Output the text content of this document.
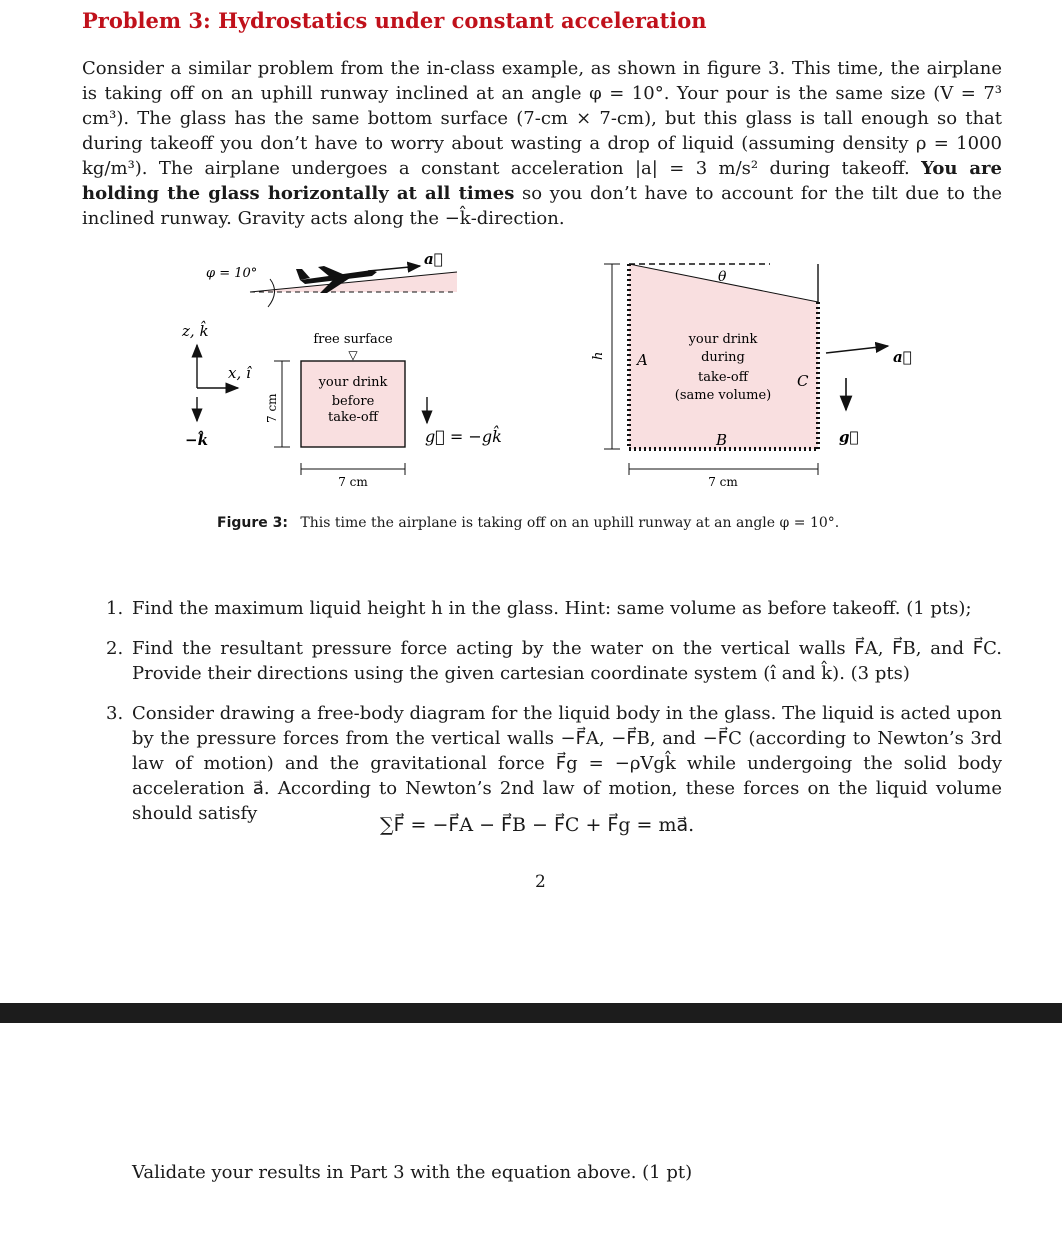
Problem 3: Hydrostatics under constant acceleration
Consider a similar problem from the in-class example, as shown in figure 3. This time, the airplane is taking off on an uphill runway inclined at an angle φ = 10°. Your pour is the same size (V = 7³ cm³). The glass has the same bottom surface (7-cm × 7-cm), but this glass is tall enough so that during takeoff you don’t have to worry about wasting a drop of liquid (assuming density ρ = 1000 kg/m³). The airplane undergoes a constant acceleration |a| = 3 m/s² during takeoff. You are holding the glass horizontally at all times so you don’t have to account for the tilt due to the inclined runway. Gravity acts along the −k̂-direction.
φ = 10°
a⃗
z, k̂
x, î
−k̂
7 cm
free surface
▽
your drink
before
take-off
7 cm
g⃗ = −gk̂
h
θ
A
B
C
your drink
during
take-off
(same volume)
7 cm
a⃗
g⃗
Figure 3: This time the airplane is taking off on an uphill runway at an angle φ = 10°.
1. Find the maximum liquid height h in the glass. Hint: same volume as before takeoff. (1 pts);
2. Find the resultant pressure force acting by the water on the vertical walls F⃗A, F⃗B, and F⃗C. Provide their directions using the given cartesian coordinate system (î and k̂). (3 pts)
3. Consider drawing a free-body diagram for the liquid body in the glass. The liquid is acted upon by the pressure forces from the vertical walls −F⃗A, −F⃗B, and −F⃗C (according to Newton’s 3rd law of motion) and the gravitational force F⃗g = −ρVgk̂ while undergoing the solid body acceleration a⃗. According to Newton’s 2nd law of motion, these forces on the liquid volume should satisfy
∑F⃗ = −F⃗A − F⃗B − F⃗C + F⃗g = ma⃗.
2
Validate your results in Part 3 with the equation above. (1 pt)
